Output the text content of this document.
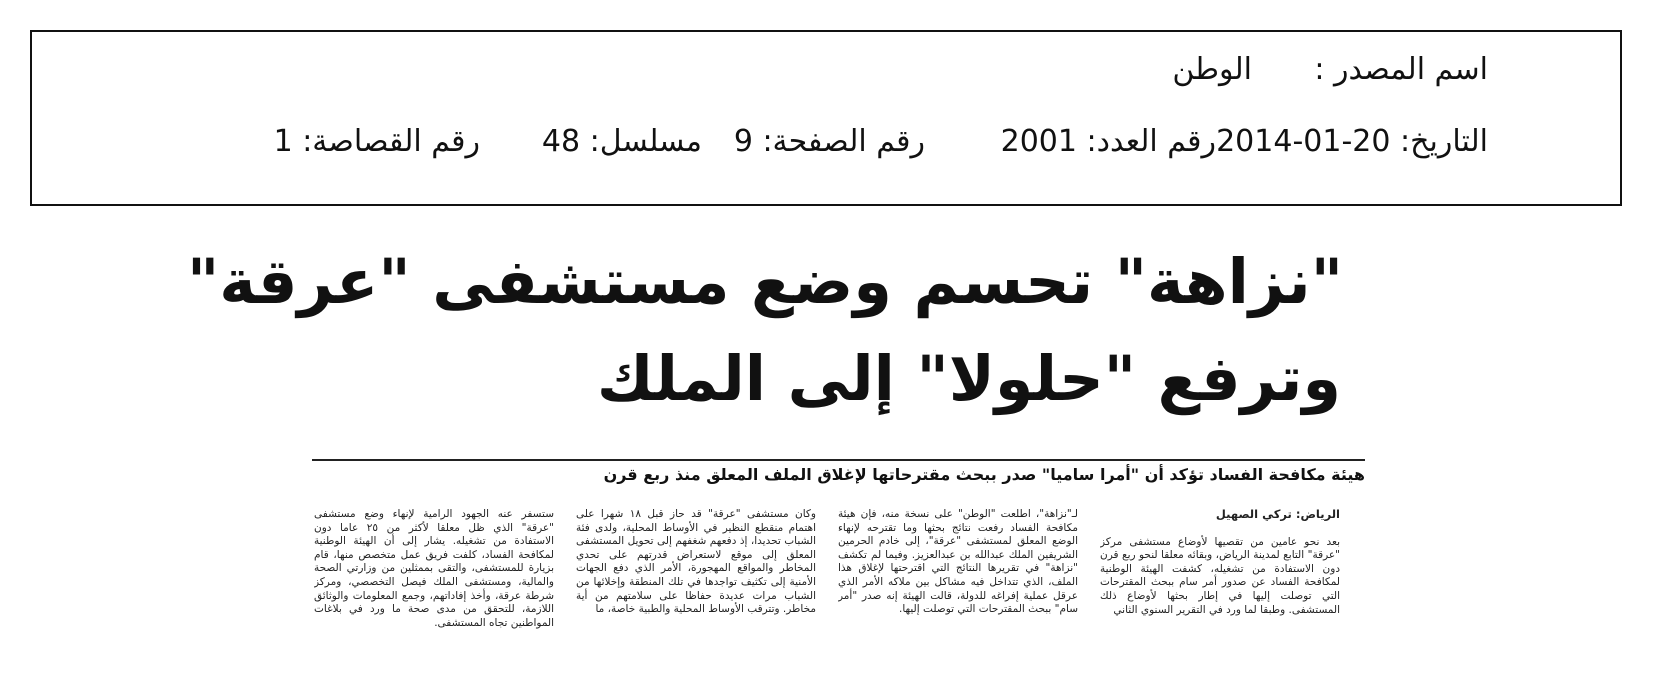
اسم المصدر :
الوطن
التاريخ: 20-01-2014
رقم العدد: 2001
رقم الصفحة: 9
مسلسل: 48
رقم القصاصة: 1
"نزاهة" تحسم وضع مستشفى "عرقة"
وترفع "حلولا" إلى الملك
هيئة مكافحة الفساد تؤكد أن "أمرا ساميا" صدر ببحث مقترحاتها لإغلاق الملف المعلق منذ ربع قرن
الرياض: تركي الصهيل
بعد نحو عامين من تقصيها لأوضاع مستشفى مركز "عرقة" التابع لمدينة الرياض، وبقائه معلقا لنحو ربع قرن دون الاستفادة من تشغيله، كشفت الهيئة الوطنية لمكافحة الفساد عن صدور أمر سام ببحث المقترحات التي توصلت إليها في إطار بحثها لأوضاع ذلك المستشفى. وطبقا لما ورد في التقرير السنوي الثاني
لـ"نزاهة"، اطلعت "الوطن" على نسخة منه، فإن هيئة مكافحة الفساد رفعت نتائج بحثها وما تقترحه لإنهاء الوضع المعلق لمستشفى "عرقة"، إلى خادم الحرمين الشريفين الملك عبدالله بن عبدالعزيز. وفيما لم تكشف "نزاهة" في تقريرها النتائج التي اقترحتها لإغلاق هذا الملف، الذي تتداخل فيه مشاكل بين ملاكه الأمر الذي عرقل عملية إفراغه للدولة، قالت الهيئة إنه صدر "أمر سام" ببحث المقترحات التي توصلت إليها.
وكان مستشفى "عرقة" قد حاز قبل ١٨ شهرا على اهتمام منقطع النظير في الأوساط المحلية، ولدى فئة الشباب تحديدا، إذ دفعهم شغفهم إلى تحويل المستشفى المعلق إلى موقع لاستعراض قدرتهم على تحدي المخاطر والمواقع المهجورة، الأمر الذي دفع الجهات الأمنية إلى تكثيف تواجدها في تلك المنطقة وإخلائها من الشباب مرات عديدة حفاظا على سلامتهم من أية مخاطر. وتترقب الأوساط المحلية والطبية خاصة، ما
ستسفر عنه الجهود الرامية لإنهاء وضع مستشفى "عرقة" الذي ظل معلقا لأكثر من ٢٥ عاما دون الاستفادة من تشغيله. يشار إلى أن الهيئة الوطنية لمكافحة الفساد، كلفت فريق عمل متخصص منها، قام بزيارة للمستشفى، والتقى بممثلين من وزارتي الصحة والمالية، ومستشفى الملك فيصل التخصصي، ومركز شرطة عرقة، وأخذ إفاداتهم، وجمع المعلومات والوثائق اللازمة، للتحقق من مدى صحة ما ورد في بلاغات المواطنين تجاه المستشفى.
